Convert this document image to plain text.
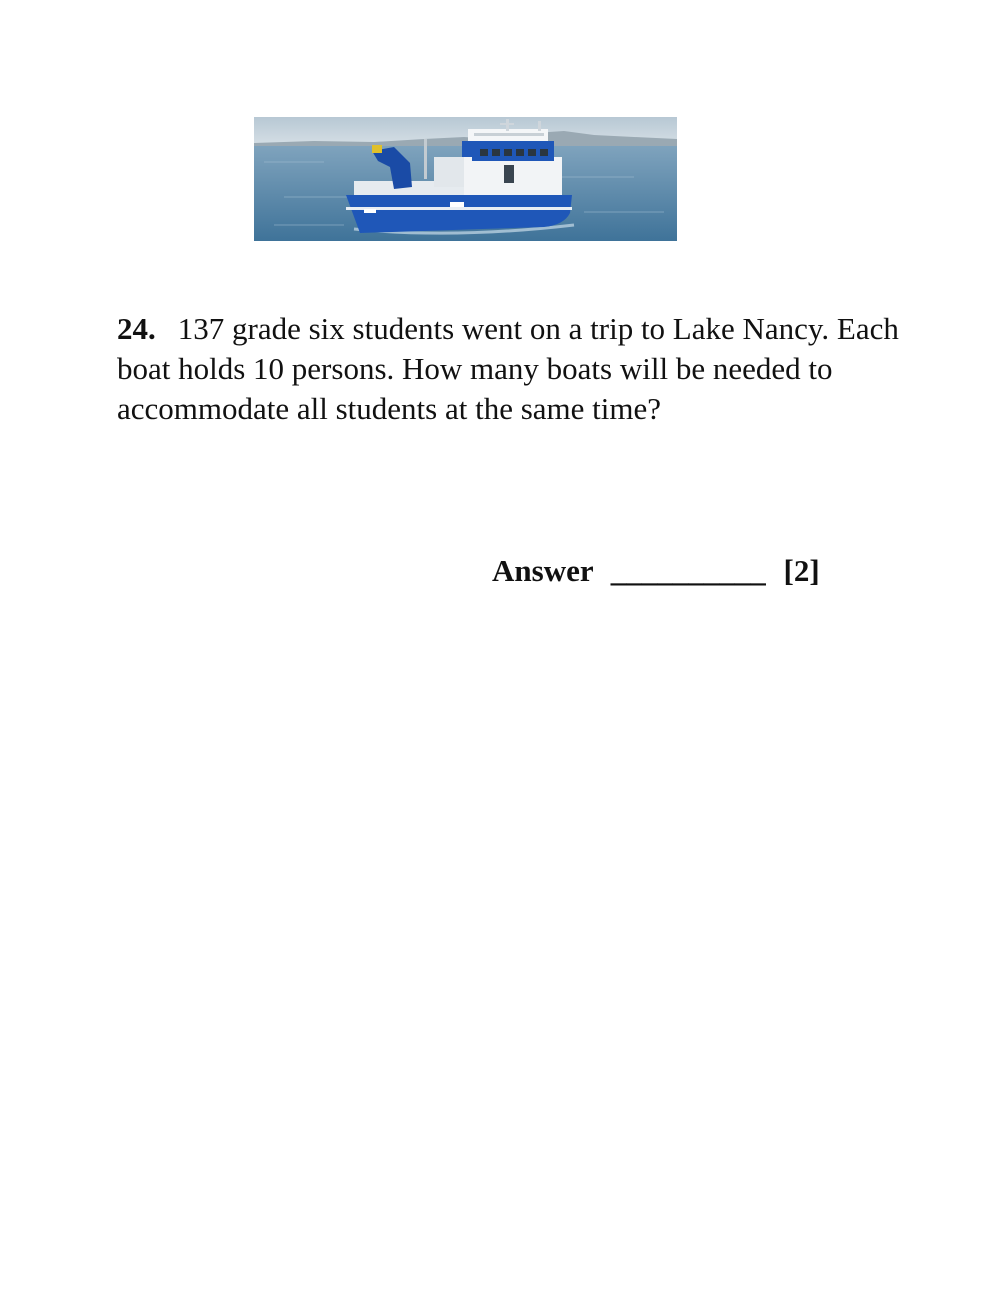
24. 137 grade six students went on a trip to Lake Nancy. Each boat holds 10 persons. How many boats will be needed to accommodate all students at the same time?

Answer __________ [2]
